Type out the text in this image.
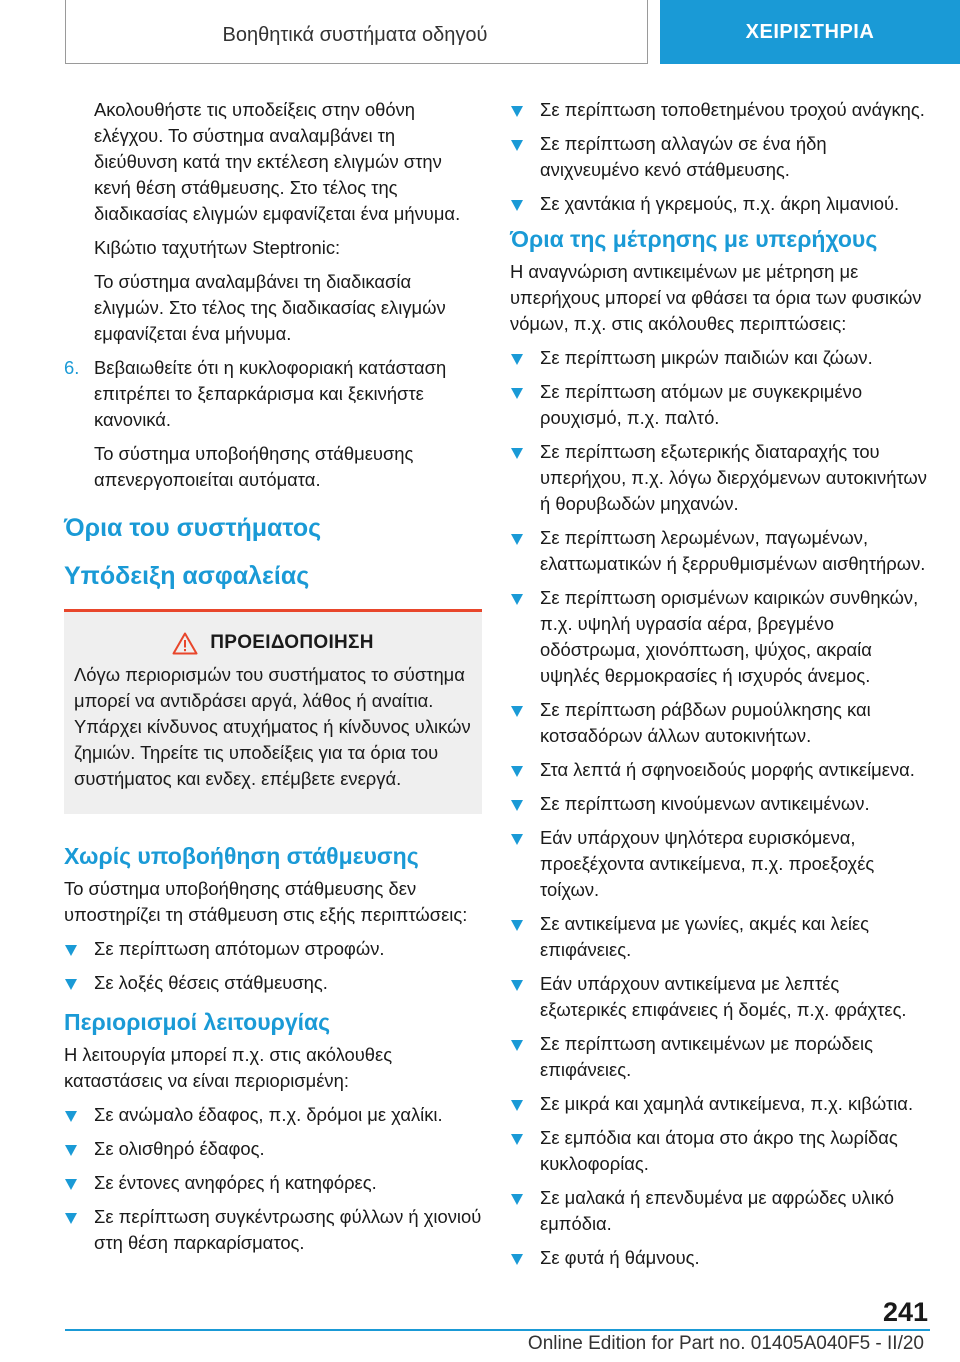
Βοηθητικά συστήματα οδηγού	ΧΕΙΡΙΣΤΗΡΙΑ

Ακολουθήστε τις υποδείξεις στην οθόνη ελέγχου. Το σύστημα αναλαμβάνει τη διεύθυνση κατά την εκτέλεση ελιγμών στην κενή θέση στάθμευσης. Στο τέλος της διαδικασίας ελιγμών εμφανίζεται ένα μήνυμα.

Κιβώτιο ταχυτήτων Steptronic:

Το σύστημα αναλαμβάνει τη διαδικασία ελιγμών. Στο τέλος της διαδικασίας ελιγμών εμφανίζεται ένα μήνυμα.

6. Βεβαιωθείτε ότι η κυκλοφοριακή κατάσταση επιτρέπει το ξεπαρκάρισμα και ξεκινήστε κανονικά.

Το σύστημα υποβοήθησης στάθμευσης απενεργοποιείται αυτόματα.

Όρια του συστήματος
Υπόδειξη ασφαλείας
ΠΡΟΕΙΔΟΠΟΙΗΣΗ
Λόγω περιορισμών του συστήματος το σύστημα μπορεί να αντιδράσει αργά, λάθος ή αναίτια. Υπάρχει κίνδυνος ατυχήματος ή κίνδυνος υλικών ζημιών. Τηρείτε τις υποδείξεις για τα όρια του συστήματος και ενδεχ. επέμβετε ενεργά.
Χωρίς υποβοήθηση στάθμευσης

Το σύστημα υποβοήθησης στάθμευσης δεν υποστηρίζει τη στάθμευση στις εξής περιπτώσεις:

Σε περίπτωση απότομων στροφών.
Σε λοξές θέσεις στάθμευσης.
Περιορισμοί λειτουργίας

Η λειτουργία μπορεί π.χ. στις ακόλουθες καταστάσεις να είναι περιορισμένη:

Σε ανώμαλο έδαφος, π.χ. δρόμοι με χαλίκι.
Σε ολισθηρό έδαφος.
Σε έντονες ανηφόρες ή κατηφόρες.
Σε περίπτωση συγκέντρωσης φύλλων ή χιονιού στη θέση παρκαρίσματος.
Σε περίπτωση τοποθετημένου τροχού ανάγκης.
Σε περίπτωση αλλαγών σε ένα ήδη ανιχνευμένο κενό στάθμευσης.
Σε χαντάκια ή γκρεμούς, π.χ. άκρη λιμανιού.
Όρια της μέτρησης με υπερήχους

Η αναγνώριση αντικειμένων με μέτρηση με υπερήχους μπορεί να φθάσει τα όρια των φυσικών νόμων, π.χ. στις ακόλουθες περιπτώσεις:

Σε περίπτωση μικρών παιδιών και ζώων.
Σε περίπτωση ατόμων με συγκεκριμένο ρουχισμό, π.χ. παλτό.
Σε περίπτωση εξωτερικής διαταραχής του υπερήχου, π.χ. λόγω διερχόμενων αυτοκινήτων ή θορυβωδών μηχανών.
Σε περίπτωση λερωμένων, παγωμένων, ελαττωματικών ή ξερρυθμισμένων αισθητήρων.
Σε περίπτωση ορισμένων καιρικών συνθηκών, π.χ. υψηλή υγρασία αέρα, βρεγμένο οδόστρωμα, χιονόπτωση, ψύχος, ακραία υψηλές θερμοκρασίες ή ισχυρός άνεμος.
Σε περίπτωση ράβδων ρυμούλκησης και κοτσαδόρων άλλων αυτοκινήτων.
Στα λεπτά ή σφηνοειδούς μορφής αντικείμενα.
Σε περίπτωση κινούμενων αντικειμένων.
Εάν υπάρχουν ψηλότερα ευρισκόμενα, προεξέχοντα αντικείμενα, π.χ. προεξοχές τοίχων.
Σε αντικείμενα με γωνίες, ακμές και λείες επιφάνειες.
Εάν υπάρχουν αντικείμενα με λεπτές εξωτερικές επιφάνειες ή δομές, π.χ. φράχτες.
Σε περίπτωση αντικειμένων με πορώδεις επιφάνειες.
Σε μικρά και χαμηλά αντικείμενα, π.χ. κιβώτια.
Σε εμπόδια και άτομα στο άκρο της λωρίδας κυκλοφορίας.
Σε μαλακά ή επενδυμένα με αφρώδες υλικό εμπόδια.
Σε φυτά ή θάμνους.
241
Online Edition for Part no. 01405A040F5 - II/20
